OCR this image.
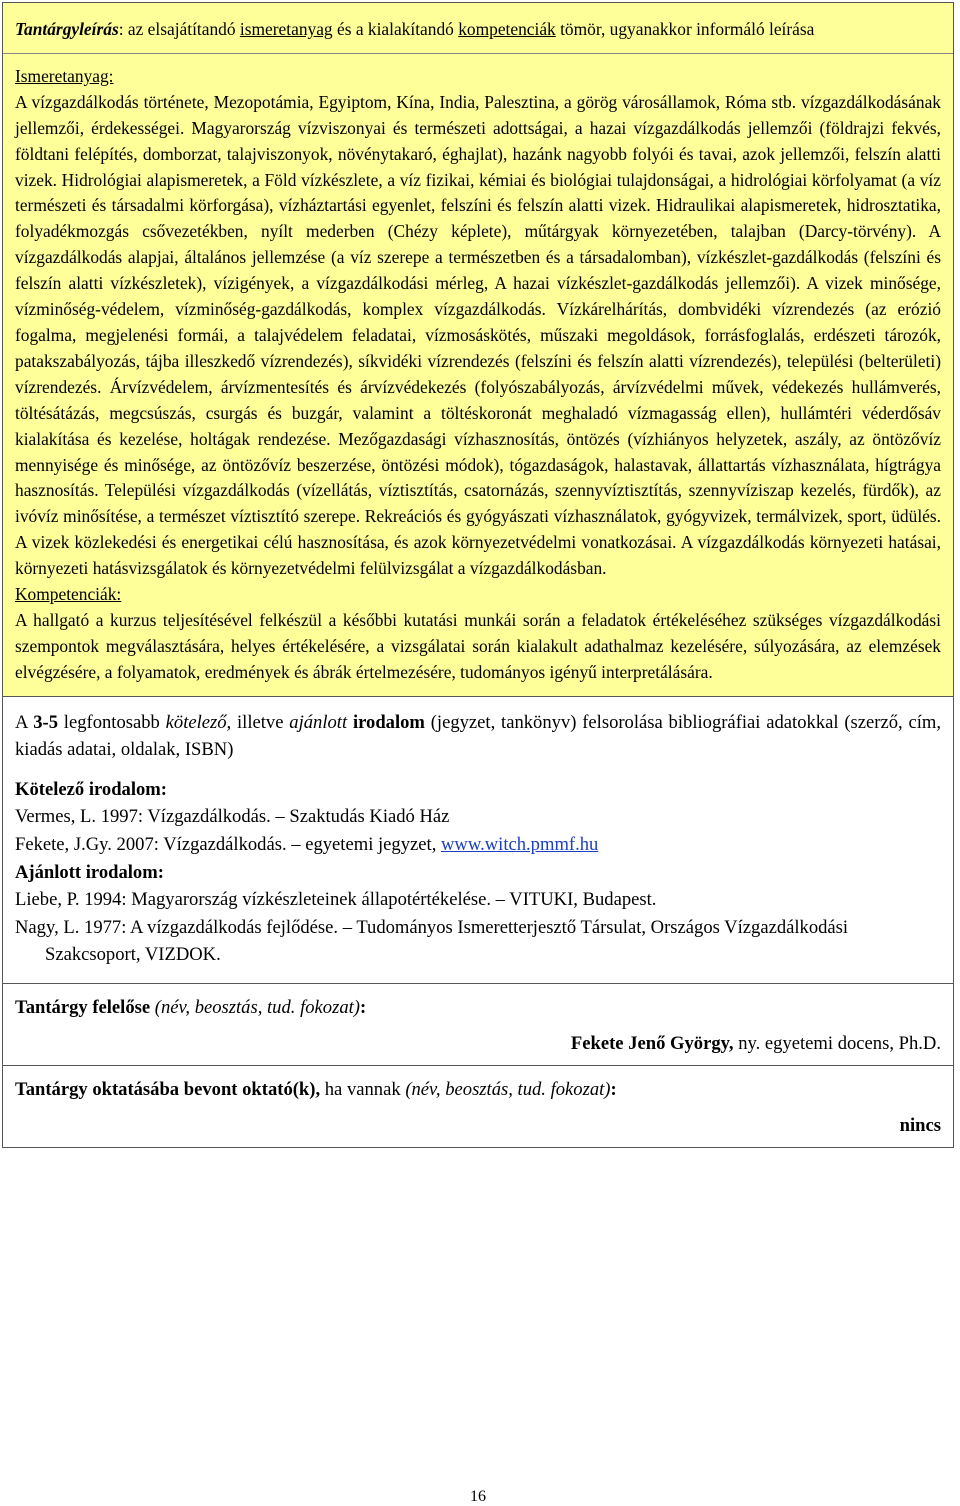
Tantárgyleírás: az elsajátítandó ismeretanyag és a kialakítandó kompetenciák tömör, ugyanakkor informáló leírása
Ismeretanyag:
A vízgazdálkodás története, Mezopotámia, Egyiptom, Kína, India, Palesztina, a görög városállamok, Róma stb. vízgazdálkodásának jellemzői, érdekességei. Magyarország vízviszonyai és természeti adottságai, a hazai vízgazdálkodás jellemzői (földrajzi fekvés, földtani felépítés, domborzat, talajviszonyok, növénytakaró, éghajlat), hazánk nagyobb folyói és tavai, azok jellemzői, felszín alatti vizek. Hidrológiai alapismeretek, a Föld vízkészlete, a víz fizikai, kémiai és biológiai tulajdonságai, a hidrológiai körfolyamat (a víz természeti és társadalmi körforgása), vízháztartási egyenlet, felszíni és felszín alatti vizek. Hidraulikai alapismeretek, hidrosztatika, folyadékmozgás csővezetékben, nyílt mederben (Chézy képlete), műtárgyak környezetében, talajban (Darcy-törvény). A vízgazdálkodás alapjai, általános jellemzése (a víz szerepe a természetben és a társadalomban), vízkészlet-gazdálkodás (felszíni és felszín alatti vízkészletek), vízigények, a vízgazdálkodási mérleg, A hazai vízkészlet-gazdálkodás jellemzői). A vizek minősége, vízminőség-védelem, vízminőség-gazdálkodás, komplex vízgazdálkodás. Vízkárelhárítás, dombvidéki vízrendezés (az erózió fogalma, megjelenési formái, a talajvédelem feladatai, vízmosáskötés, műszaki megoldások, forrásfoglalás, erdészeti tározók, patakszabályozás, tájba illeszkedő vízrendezés), síkvidéki vízrendezés (felszíni és felszín alatti vízrendezés), települési (belterületi) vízrendezés. Árvízvédelem, árvízmentesítés és árvízvédekezés (folyószabályozás, árvízvédelmi művek, védekezés hullámverés, töltésátázás, megcsúszás, csurgás és buzgár, valamint a töltéskoronát meghaladó vízmagasság ellen), hullámtéri véderdősáv kialakítása és kezelése, holtágak rendezése. Mezőgazdasági vízhasznosítás, öntözés (vízhiányos helyzetek, aszály, az öntözővíz mennyisége és minősége, az öntözővíz beszerzése, öntözési módok), tógazdaságok, halastavak, állattartás vízhasználata, hígtrágya hasznosítás. Települési vízgazdálkodás (vízellátás, víztisztítás, csatornázás, szennyvíztisztítás, szennyvíziszap kezelés, fürdők), az ivóvíz minősítése, a természet víztisztító szerepe. Rekreációs és gyógyászati vízhasználatok, gyógyvizek, termálvizek, sport, üdülés. A vizek közlekedési és energetikai célú hasznosítása, és azok környezetvédelmi vonatkozásai. A vízgazdálkodás környezeti hatásai, környezeti hatásvizsgálatok és környezetvédelmi felülvizsgálat a vízgazdálkodásban.
Kompetenciák:
A hallgató a kurzus teljesítésével felkészül a későbbi kutatási munkái során a feladatok értékeléséhez szükséges vízgazdálkodási szempontok megválasztására, helyes értékelésére, a vizsgálatai során kialakult adathalmaz kezelésére, súlyozására, az elemzések elvégzésére, a folyamatok, eredmények és ábrák értelmezésére, tudományos igényű interpretálására.

A 3-5 legfontosabb kötelező, illetve ajánlott irodalom (jegyzet, tankönyv) felsorolása bibliográfiai adatokkal (szerző, cím, kiadás adatai, oldalak, ISBN)

Kötelező irodalom:

Vermes, L. 1997: Vízgazdálkodás. – Szaktudás Kiadó Ház

Fekete, J.Gy. 2007: Vízgazdálkodás. – egyetemi jegyzet, www.witch.pmmf.hu

Ajánlott irodalom:

Liebe, P. 1994: Magyarország vízkészleteinek állapotértékelése. – VITUKI, Budapest.

Nagy, L. 1977: A vízgazdálkodás fejlődése. – Tudományos Ismeretterjesztő Társulat, Országos Vízgazdálkodási Szakcsoport, VIZDOK.

Tantárgy felelőse (név, beosztás, tud. fokozat):

Fekete Jenő György, ny. egyetemi docens, Ph.D.

Tantárgy oktatásába bevont oktató(k), ha vannak (név, beosztás, tud. fokozat):

nincs

16
